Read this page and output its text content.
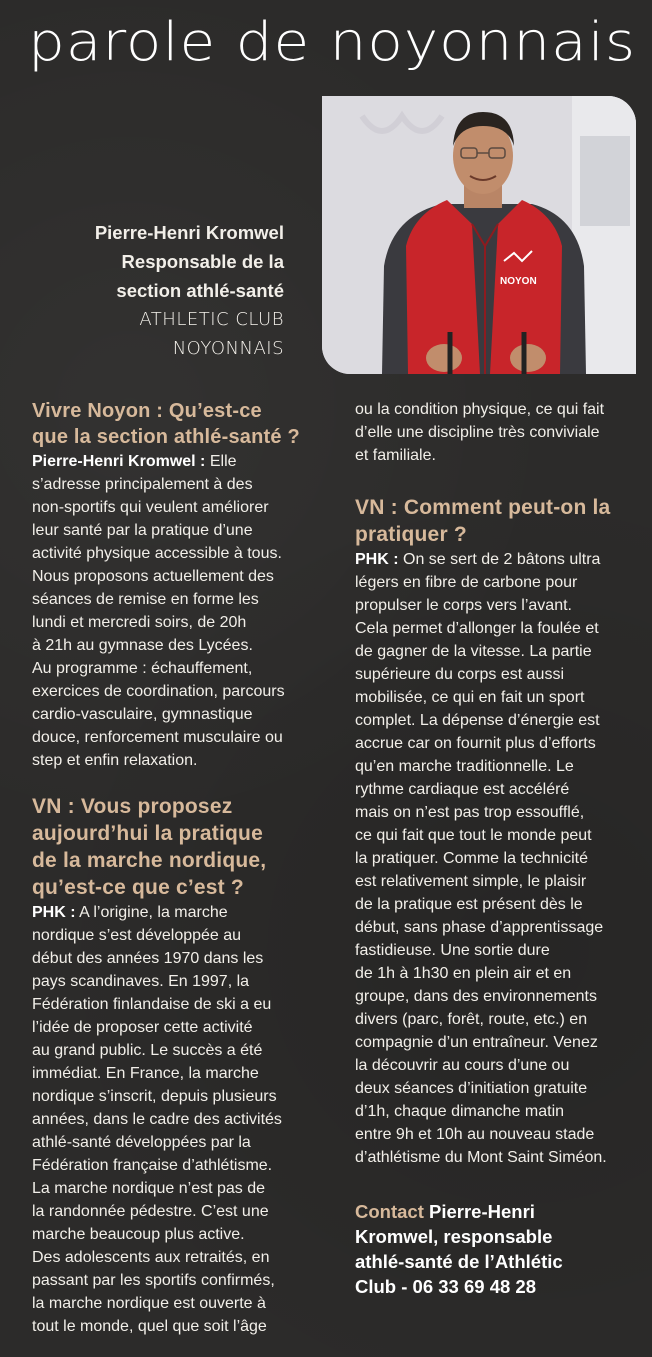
parole de noyonnais
NOYON
Pierre-Henri Kromwel
Responsable de la
section athlé-santé
ATHLETIC CLUB
NOYONNAIS

Vivre Noyon : Qu’est-ce
que la section athlé-santé ?

Pierre-Henri Kromwel : Elle
s’adresse principalement à des
non-sportifs qui veulent améliorer
leur santé par la pratique d’une
activité physique accessible à tous.
Nous proposons actuellement des
séances de remise en forme les
lundi et mercredi soirs, de 20h
à 21h au gymnase des Lycées.
Au programme : échauffement,
exercices de coordination, parcours
cardio-vasculaire, gymnastique
douce, renforcement musculaire ou
step et enfin relaxation.

VN : Vous proposez
aujourd’hui la pratique
de la marche nordique,
qu’est-ce que c’est ?

PHK : A l’origine, la marche
nordique s’est développée au
début des années 1970 dans les
pays scandinaves. En 1997, la
Fédération finlandaise de ski a eu
l’idée de proposer cette activité
au grand public. Le succès a été
immédiat. En France, la marche
nordique s’inscrit, depuis plusieurs
années, dans le cadre des activités
athlé-santé développées par la
Fédération française d’athlétisme.
La marche nordique n’est pas de
la randonnée pédestre. C’est une
marche beaucoup plus active.
Des adolescents aux retraités, en
passant par les sportifs confirmés,
la marche nordique est ouverte à
tout le monde, quel que soit l’âge

ou la condition physique, ce qui fait
d’elle une discipline très conviviale
et familiale.

VN : Comment peut-on la
pratiquer ?

PHK : On se sert de 2 bâtons ultra
légers en fibre de carbone pour
propulser le corps vers l’avant.
Cela permet d’allonger la foulée et
de gagner de la vitesse. La partie
supérieure du corps est aussi
mobilisée, ce qui en fait un sport
complet. La dépense d’énergie est
accrue car on fournit plus d’efforts
qu’en marche traditionnelle. Le
rythme cardiaque est accéléré
mais on n’est pas trop essoufflé,
ce qui fait que tout le monde peut
la pratiquer. Comme la technicité
est relativement simple, le plaisir
de la pratique est présent dès le
début, sans phase d’apprentissage
fastidieuse. Une sortie dure
de 1h à 1h30 en plein air et en
groupe, dans des environnements
divers (parc, forêt, route, etc.) en
compagnie d’un entraîneur. Venez
la découvrir au cours d’une ou
deux séances d’initiation gratuite
d’1h, chaque dimanche matin
entre 9h et 10h au nouveau stade
d’athlétisme du Mont Saint Siméon.

Contact Pierre-Henri
Kromwel, responsable
athlé-santé de l’Athlétic
Club - 06 33 69 48 28
